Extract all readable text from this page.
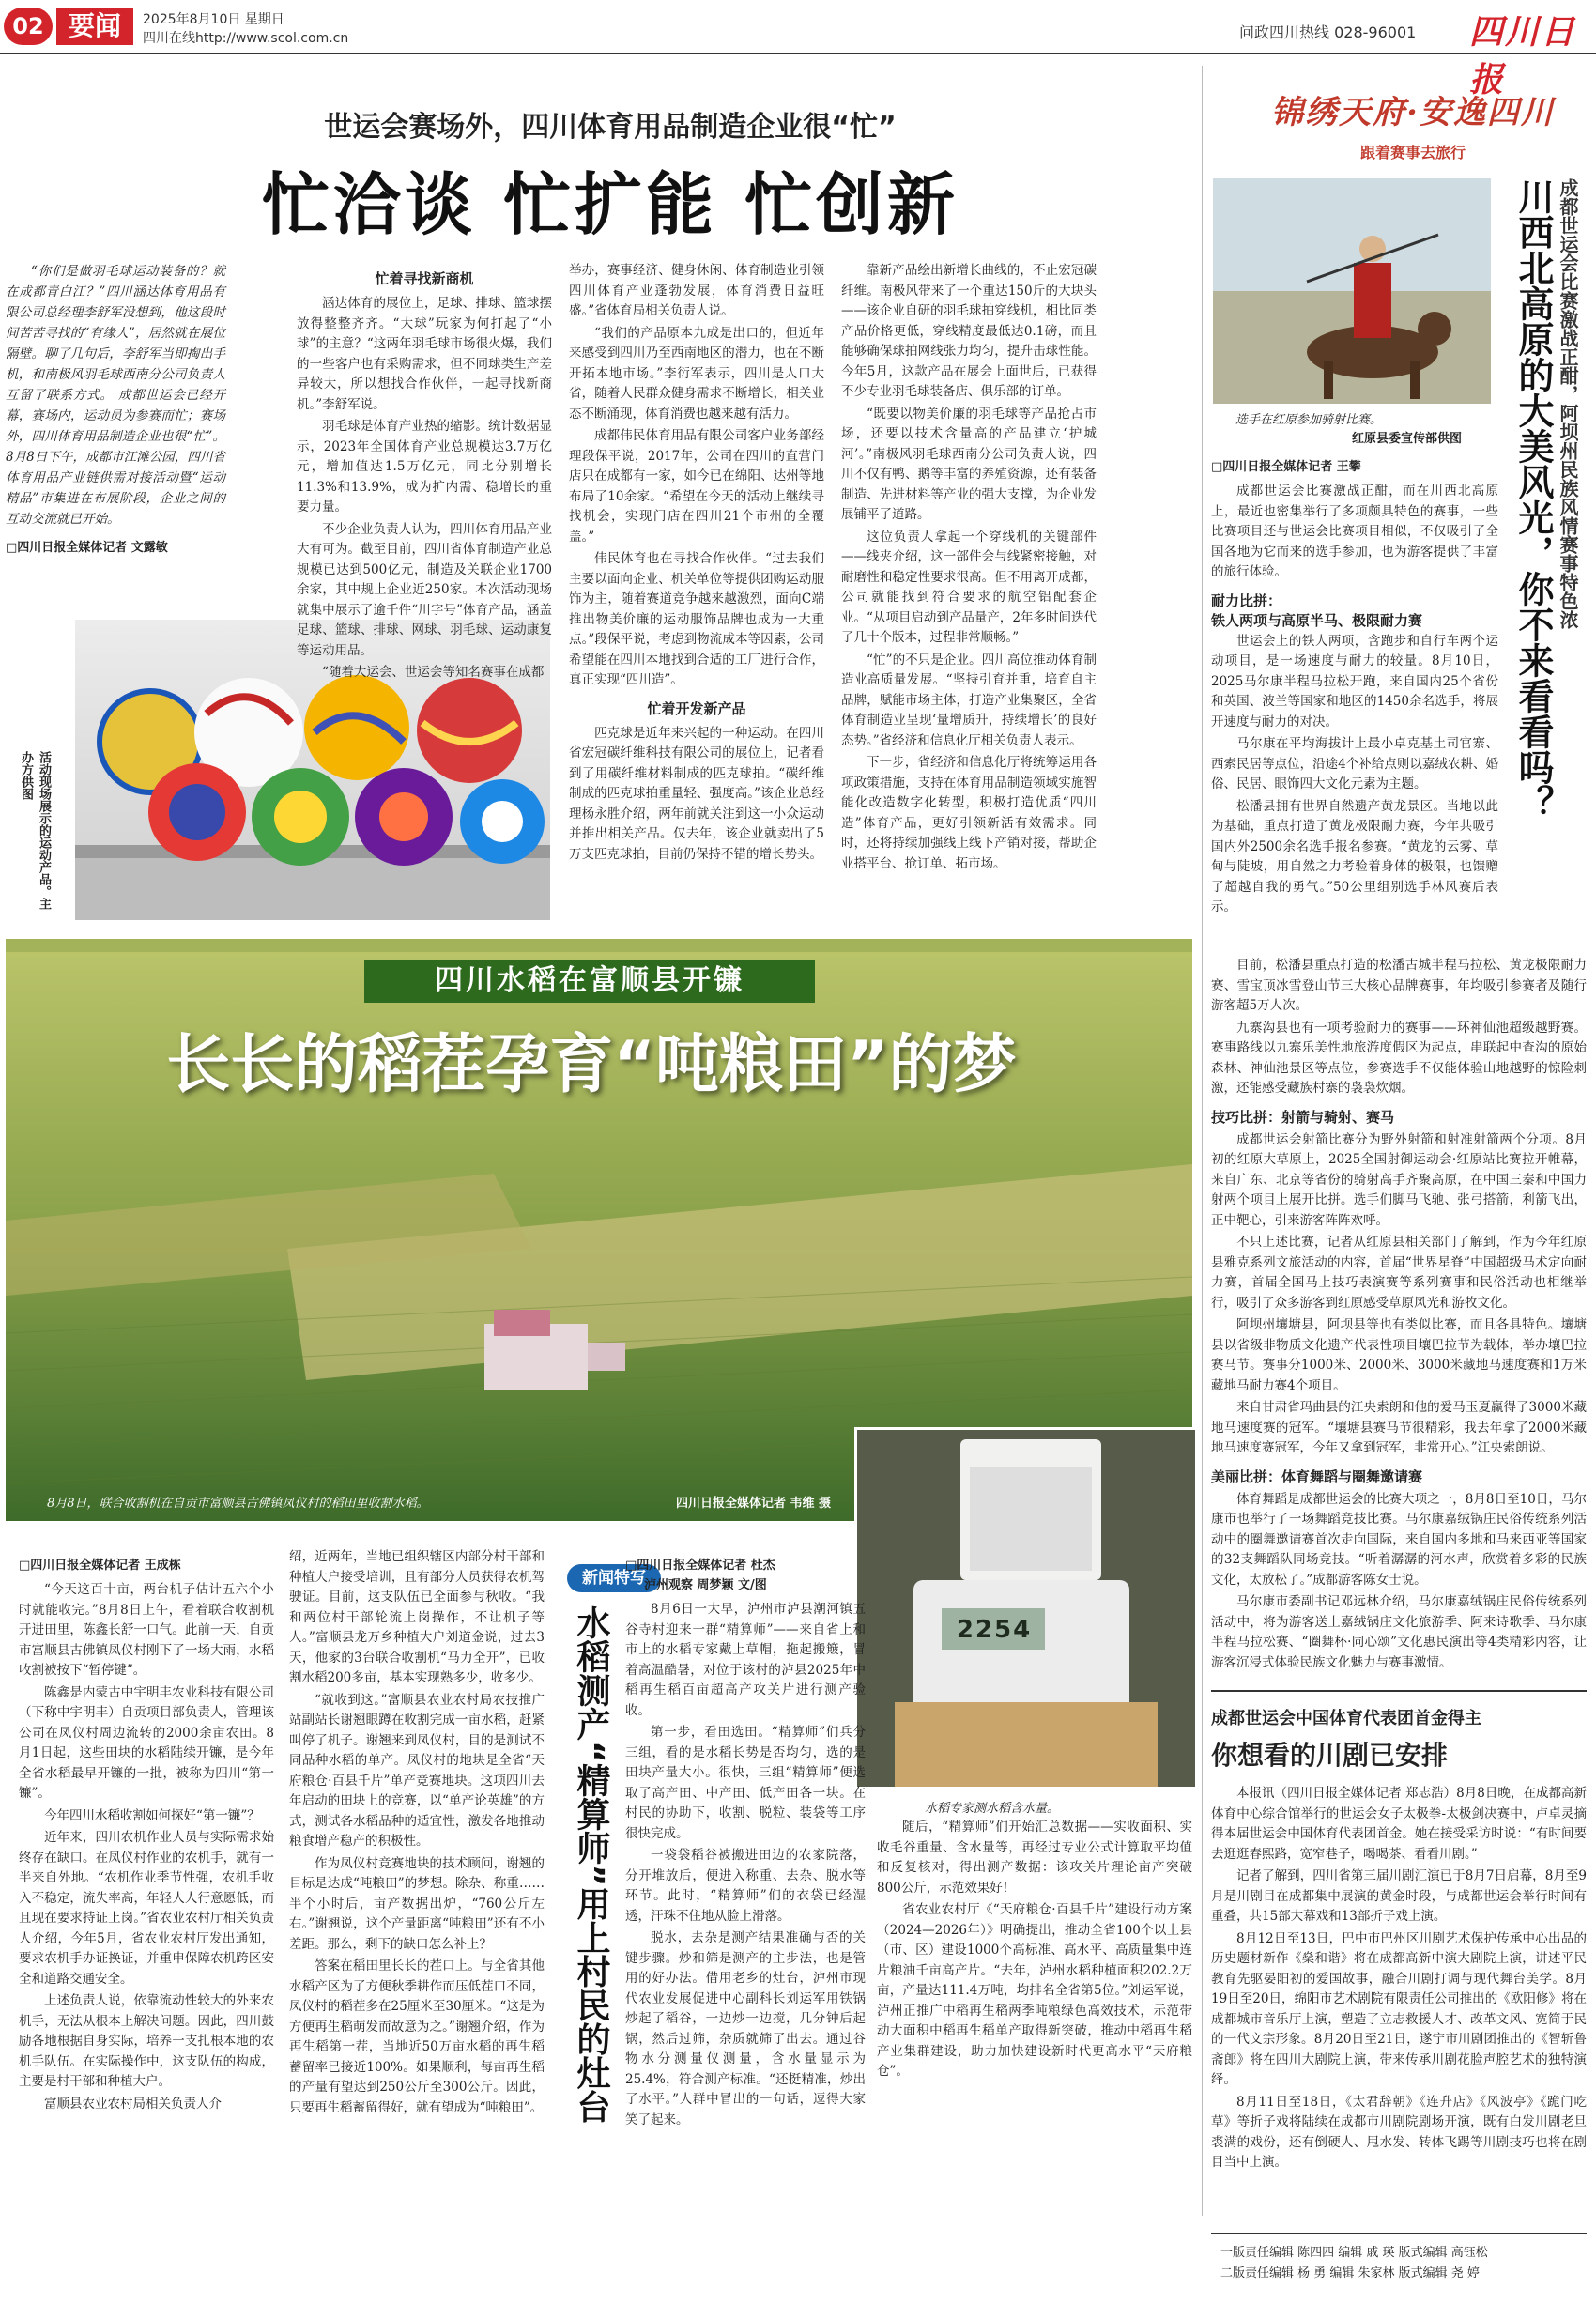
02 要闻	2025年8月10日 星期日
四川在线http://www.scol.com.cn	问政四川热线 028-96001 四川日报
世运会赛场外，四川体育用品制造企业很“忙”
忙洽谈 忙扩能 忙创新

“你们是做羽毛球运动装备的？就在成都青白江？”四川涵达体育用品有限公司总经理李舒军没想到，他这段时间苦苦寻找的“有缘人”，居然就在展位隔壁。聊了几句后，李舒军当即掏出手机，和南极风羽毛球西南分公司负责人互留了联系方式。 成都世运会已经开幕，赛场内，运动员为参赛而忙；赛场外，四川体育用品制造企业也很“忙”。8月8日下午，成都市江滩公园，四川省体育用品产业链供需对接活动暨“运动精品”市集进在布展阶段，企业之间的互动交流就已开始。

□四川日报全媒体记者 文露敏
活动现场展示的运动产品。主办方供图
忙着寻找新商机

涵达体育的展位上，足球、排球、篮球摆放得整整齐齐。“大球”玩家为何打起了“小球”的主意？“这两年羽毛球市场很火爆，我们的一些客户也有采购需求，但不同球类生产差异较大，所以想找合作伙伴，一起寻找新商机。”李舒军说。

羽毛球是体育产业热的缩影。统计数据显示，2023年全国体育产业总规模达3.7万亿元，增加值达1.5万亿元，同比分别增长11.3%和13.9%，成为扩内需、稳增长的重要力量。

不少企业负责人认为，四川体育用品产业大有可为。截至目前，四川省体育制造产业总规模已达到500亿元，制造及关联企业1700余家，其中规上企业近250家。本次活动现场就集中展示了逾千件“川字号”体育产品，涵盖足球、篮球、排球、网球、羽毛球、运动康复等运动用品。

“随着大运会、世运会等知名赛事在成都

举办，赛事经济、健身休闲、体育制造业引领四川体育产业蓬勃发展，体育消费日益旺盛。”省体育局相关负责人说。

“我们的产品原本九成是出口的，但近年来感受到四川乃至西南地区的潜力，也在不断开拓本地市场。”李衍军表示，四川是人口大省，随着人民群众健身需求不断增长，相关业态不断涌现，体育消费也越来越有活力。

成都伟民体育用品有限公司客户业务部经理段保平说，2017年，公司在四川的直营门店只在成都有一家，如今已在绵阳、达州等地布局了10余家。“希望在今天的活动上继续寻找机会，实现门店在四川21个市州的全覆盖。”

伟民体育也在寻找合作伙伴。“过去我们主要以面向企业、机关单位等提供团购运动服饰为主，随着赛道竞争越来越激烈，面向C端推出物美价廉的运动服饰品牌也成为一大重点。”段保平说，考虑到物流成本等因素，公司希望能在四川本地找到合适的工厂进行合作，真正实现“四川造”。

忙着开发新产品

匹克球是近年来兴起的一种运动。在四川省宏冠碳纤维科技有限公司的展位上，记者看到了用碳纤维材料制成的匹克球拍。“碳纤维制成的匹克球拍重量轻、强度高。”该企业总经理杨永胜介绍，两年前就关注到这一小众运动并推出相关产品。仅去年，该企业就卖出了5万支匹克球拍，目前仍保持不错的增长势头。

靠新产品绘出新增长曲线的，不止宏冠碳纤维。南极风带来了一个重达150斤的大块头——该企业自研的羽毛球拍穿线机，相比同类产品价格更低，穿线精度最低达0.1磅，而且能够确保球拍网线张力均匀，提升击球性能。今年5月，这款产品在展会上面世后，已获得不少专业羽毛球装备店、俱乐部的订单。

“既要以物美价廉的羽毛球等产品抢占市场，还要以技术含量高的产品建立‘护城河’。”南极风羽毛球西南分公司负责人说，四川不仅有鸭、鹅等丰富的养殖资源，还有装备制造、先进材料等产业的强大支撑，为企业发展铺平了道路。

这位负责人拿起一个穿线机的关键部件——线夹介绍，这一部件会与线紧密接触，对耐磨性和稳定性要求很高。但不用离开成都，公司就能找到符合要求的航空铝配套企业。“从项目启动到产品量产，2年多时间迭代了几十个版本，过程非常顺畅。”

“忙”的不只是企业。四川高位推动体育制造业高质量发展。“坚持引育并重，培育自主品牌，赋能市场主体，打造产业集聚区，全省体育制造业呈现‘量增质升，持续增长’的良好态势。”省经济和信息化厅相关负责人表示。

下一步，省经济和信息化厅将统筹运用各项政策措施，支持在体育用品制造领域实施智能化改造数字化转型，积极打造优质“四川造”体育产品，更好引领新活有效需求。同时，还将持续加强线上线下产销对接，帮助企业搭平台、抢订单、拓市场。

四川水稻在富顺县开镰
长长的稻茬孕育“吨粮田”的梦
8月8日，联合收割机在自贡市富顺县古佛镇凤仪村的稻田里收割水稻。	四川日报全媒体记者 韦维 摄
2254
水稻专家测水稻含水量。
□四川日报全媒体记者 王成栋

“今天这百十亩，两台机子估计五六个小时就能收完。”8月8日上午，看着联合收割机开进田里，陈鑫长舒一口气。此前一天，自贡市富顺县古佛镇凤仪村刚下了一场大雨，水稻收割被按下“暂停键”。

陈鑫是内蒙古中宇明丰农业科技有限公司（下称中宇明丰）自贡项目部负责人，管理该公司在凤仪村周边流转的2000余亩农田。8月1日起，这些田块的水稻陆续开镰，是今年全省水稻最早开镰的一批，被称为四川“第一镰”。

今年四川水稻收割如何探好“第一镰”？

近年来，四川农机作业人员与实际需求始终存在缺口。在凤仪村作业的农机手，就有一半来自外地。“农机作业季节性强，农机手收入不稳定，流失率高，年轻人人行意愿低，而且现在要求持证上岗。”省农业农村厅相关负责人介绍，今年5月，省农业农村厅发出通知，要求农机手办证换证，并重申保障农机跨区安全和道路交通安全。

上述负责人说，依靠流动性较大的外来农机手，无法从根本上解决问题。因此，四川鼓励各地根据自身实际，培养一支扎根本地的农机手队伍。在实际操作中，这支队伍的构成，主要是村干部和种植大户。

富顺县农业农村局相关负责人介

绍，近两年，当地已组织辖区内部分村干部和种植大户接受培训，且有部分人员获得农机驾驶证。目前，这支队伍已全面参与秋收。“我和两位村干部轮流上岗操作，不让机子等人。”富顺县龙万乡种植大户刘道金说，过去3天，他家的3台联合收割机“马力全开”，已收割水稻200多亩，基本实现熟多少，收多少。

“就收到这。”富顺县农业农村局农技推广站副站长谢翘眼蹲在收割完成一亩水稻，赶紧叫停了机子。谢翘来到凤仪村，目的是测试不同品种水稻的单产。凤仪村的地块是全省“天府粮仓·百县千片”单产竞赛地块。这项四川去年启动的田块上的竞赛，以“单产论英雄”的方式，测试各水稻品种的适宜性，激发各地推动粮食增产稳产的积极性。

作为凤仪村竞赛地块的技术顾问，谢翘的目标是达成“吨粮田”的梦想。除杂、称重……半个小时后，亩产数据出炉，“760公斤左右。”谢翘说，这个产量距离“吨粮田”还有不小差距。那么，剩下的缺口怎么补上？

答案在稻田里长长的茬口上。与全省其他水稻产区为了方便秋季耕作而压低茬口不同，凤仪村的稻茬多在25厘米至30厘米。“这是为方便再生稻萌发而故意为之。”谢翘介绍，作为再生稻第一茬，当地近50万亩水稻的再生稻蓄留率已接近100%。如果顺利，每亩再生稻的产量有望达到250公斤至300公斤。因此，只要再生稻蓄留得好，就有望成为“吨粮田”。

新闻特写
水稻测产“精算师”用上村民的灶台
□四川日报全媒体记者 杜杰
泸州观察 周梦颖 文/图

8月6日一大早，泸州市泸县潮河镇五谷寺村迎来一群“精算师”——来自省上和市上的水稻专家戴上草帽，拖起搬簸，冒着高温酷暑，对位于该村的泸县2025年中稻再生稻百亩超高产攻关片进行测产验收。

第一步，看田选田。“精算师”们兵分三组，看的是水稻长势是否均匀，选的是田块产量大小。很快，三组“精算师”便选取了高产田、中产田、低产田各一块。在村民的协助下，收割、脱粒、装袋等工序很快完成。

一袋袋稻谷被搬进田边的农家院落，分开堆放后，便进入称重、去杂、脱水等环节。此时，“精算师”们的衣袋已经湿透，汗珠不住地从脸上滑落。

脱水，去杂是测产结果准确与否的关键步骤。炒和筛是测产的主步法，也是管用的好办法。借用老乡的灶台，泸州市现代农业发展促进中心副科长刘运军用铁锅炒起了稻谷，一边炒一边搅，几分钟后起锅，然后过筛，杂质就筛了出去。通过谷物水分测量仪测量，含水量显示为25.4%，符合测产标准。“还挺精准，炒出了水平。”人群中冒出的一句话，逗得大家笑了起来。

随后，“精算师”们开始汇总数据——实收面积、实收毛谷重量、含水量等，再经过专业公式计算取平均值和反复核对，得出测产数据：该攻关片理论亩产突破800公斤，示范效果好！

省农业农村厅《“天府粮仓·百县千片”建设行动方案（2024—2026年）》明确提出，推动全省100个以上县（市、区）建设1000个高标准、高水平、高质量集中连片粮油千亩高产片。“去年，泸州水稻种植面积202.2万亩，产量达111.4万吨，均排名全省第5位。”刘运军说，泸州正推广中稻再生稻两季吨粮绿色高效技术，示范带动大面积中稻再生稻单产取得新突破，推动中稻再生稻产业集群建设，助力加快建设新时代更高水平“天府粮仓”。

锦绣天府·安逸四川
跟着赛事去旅行
选手在红原参加骑射比赛。
红原县委宣传部供图 川西北高原的大美风光，你不来看看吗？ 成都世运会比赛激战正酣，阿坝州民族风情赛事特色浓
□四川日报全媒体记者 王攀

成都世运会比赛激战正酣，而在川西北高原上，最近也密集举行了多项颇具特色的赛事，一些比赛项目还与世运会比赛项目相似，不仅吸引了全国各地为它而来的选手参加，也为游客提供了丰富的旅行体验。

耐力比拼：
铁人两项与高原半马、极限耐力赛

世运会上的铁人两项，含跑步和自行车两个运动项目，是一场速度与耐力的较量。8月10日，2025马尔康半程马拉松开跑，来自国内25个省份和英国、波兰等国家和地区的1450余名选手，将展开速度与耐力的对决。

马尔康在平均海拔计上最小卓克基土司官寨、西索民居等点位，沿途4个补给点则以嘉绒农耕、婚俗、民居、眼饰四大文化元素为主题。

松潘县拥有世界自然遗产黄龙景区。当地以此为基础，重点打造了黄龙极限耐力赛，今年共吸引国内外2500余名选手报名参赛。“黄龙的云雾、草甸与陡坡，用自然之力考验着身体的极限，也馈赠了超越自我的勇气。”50公里组别选手林风赛后表示。

目前，松潘县重点打造的松潘古城半程马拉松、黄龙极限耐力赛、雪宝顶冰雪登山节三大核心品牌赛事，年均吸引参赛者及随行游客超5万人次。

九寨沟县也有一项考验耐力的赛事——环神仙池超级越野赛。赛事路线以九寨乐美性地旅游度假区为起点，串联起中查沟的原始森林、神仙池景区等点位，参赛选手不仅能体验山地越野的惊险刺激，还能感受藏族村寨的袅袅炊烟。

技巧比拼：射箭与骑射、赛马

成都世运会射箭比赛分为野外射箭和射准射箭两个分项。8月初的红原大草原上，2025全国射御运动会·红原站比赛拉开帷幕，来自广东、北京等省份的骑射高手齐聚高原，在中国三秦和中国力射两个项目上展开比拼。选手们脚马飞驰、张弓搭箭，利箭飞出，正中靶心，引来游客阵阵欢呼。

不只上述比赛，记者从红原县相关部门了解到，作为今年红原县雅克系列文旅活动的内容，首届“世界星脊”中国超级马术定向耐力赛，首届全国马上技巧表演赛等系列赛事和民俗活动也相继举行，吸引了众多游客到红原感受草原风光和游牧文化。

阿坝州壤塘县，阿坝县等也有类似比赛，而且各具特色。壤塘县以省级非物质文化遗产代表性项目壤巴拉节为载体，举办壤巴拉赛马节。赛事分1000米、2000米、3000米藏地马速度赛和1万米藏地马耐力赛4个项目。

来自甘肃省玛曲县的江央索朗和他的爱马玉夏赢得了3000米藏地马速度赛的冠军。“壤塘县赛马节很精彩，我去年拿了2000米藏地马速度赛冠军，今年又拿到冠军，非常开心。”江央索朗说。

美丽比拼：体育舞蹈与圈舞邀请赛

体育舞蹈是成都世运会的比赛大项之一，8月8日至10日，马尔康市也举行了一场舞蹈竞技比赛。马尔康嘉绒锅庄民俗传统系列活动中的圈舞邀请赛首次走向国际，来自国内多地和马来西亚等国家的32支舞蹈队同场竞技。“听着潺潺的河水声，欣赏着多彩的民族文化，太放松了。”成都游客陈女士说。

马尔康市委副书记邓远林介绍，马尔康嘉绒锅庄民俗传统系列活动中，将为游客送上嘉绒锅庄文化旅游季、阿来诗歌季、马尔康半程马拉松赛、“圈舞杯·同心颂”文化惠民演出等4类精彩内容，让游客沉浸式体验民族文化魅力与赛事激情。

成都世运会中国体育代表团首金得主
你想看的川剧已安排

本报讯（四川日报全媒体记者 郑志浩）8月8日晚，在成都高新体育中心综合馆举行的世运会女子太极拳-太极剑决赛中，卢卓灵摘得本届世运会中国体育代表团首金。她在接受采访时说：“有时间要去逛逛春熙路，宽窄巷子，喝喝茶、看看川剧。”

记者了解到，四川省第三届川剧汇演已于8月7日启幕，8月至9月是川剧目在成都集中展演的黄金时段，与成都世运会举行时间有重叠，共15部大幕戏和13部折子戏上演。

8月12日至13日，巴中市巴州区川剧艺术保护传承中心出品的历史题材新作《燊和谐》将在成都高新中演大剧院上演，讲述平民教育先驱晏阳初的爱国故事，融合川剧打调与现代舞台美学。8月19日至20日，绵阳市艺术剧院有限责任公司推出的《欧阳修》将在成都城市音乐厅上演，塑造了立志救援人才、改革文风、宽简于民的一代文宗形象。8月20日至21日，遂宁市川剧团推出的《智斩鲁斋郎》将在四川大剧院上演，带来传承川剧花脸声腔艺术的独特演绎。

8月11日至18日，《太君辞朝》《连升店》《风波亭》《跪门吃草》等折子戏将陆续在成都市川剧院剧场开演，既有白发川剧老旦裘满的戏份，还有倒硬人、甩水发、转体飞踢等川剧技巧也将在剧目当中上演。

一版责任编辑 陈四四 编辑 戚 瑛 版式编辑 高钰松
二版责任编辑 杨 勇 编辑 朱家林 版式编辑 尧 婷
